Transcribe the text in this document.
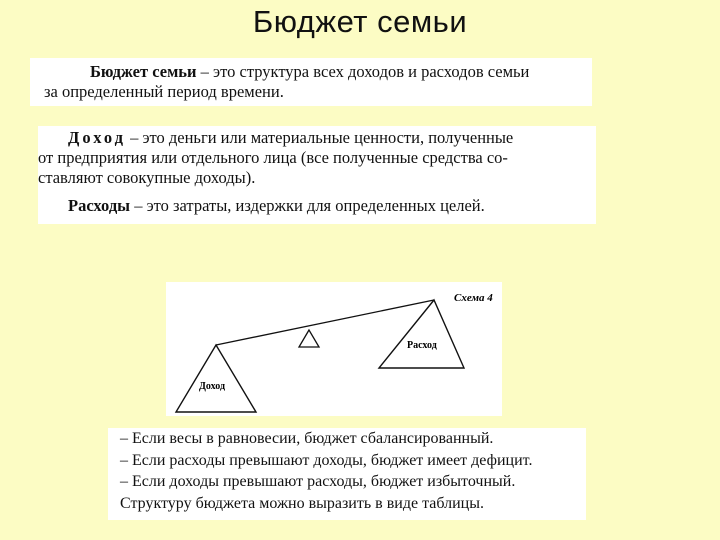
Бюджет семьи
Бюджет семьи – это структура всех доходов и расходов семьи
за определенный период времени.
Доход – это деньги или материальные ценности, полученные
от предприятия или отдельного лица (все полученные средства со-
ставляют совокупные доходы).
Расходы – это затраты, издержки для определенных целей.
Схема 4
Доход
Расход
– Если весы в равновесии, бюджет сбалансированный.
– Если расходы превышают доходы, бюджет имеет дефицит.
– Если доходы превышают расходы, бюджет избыточный.
Структуру бюджета можно выразить в виде таблицы.
